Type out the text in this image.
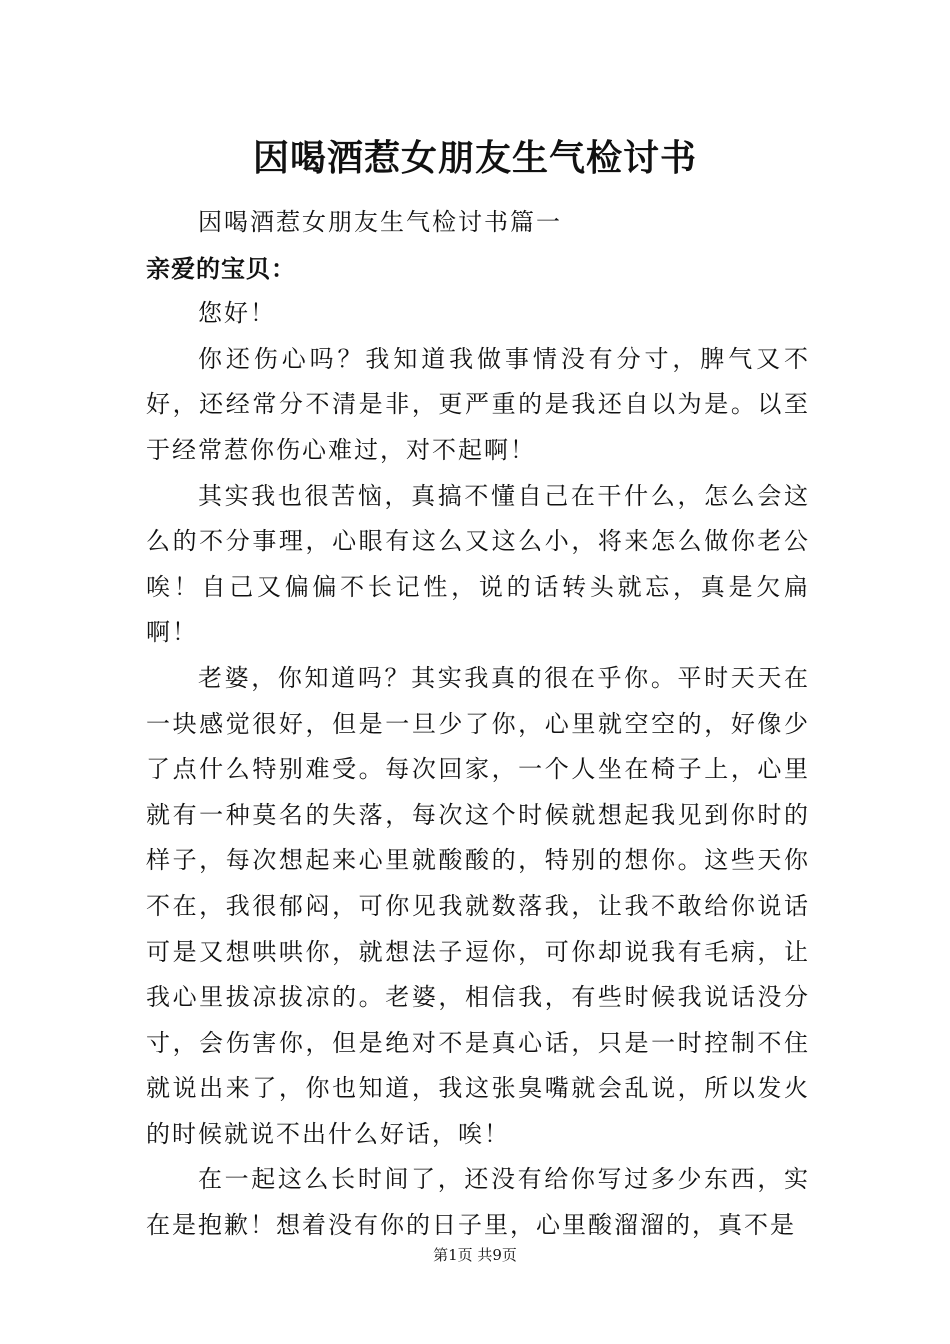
因喝酒惹女朋友生气检讨书

因喝酒惹女朋友生气检讨书篇一

亲爱的宝贝：

您好！

你还伤心吗？我知道我做事情没有分寸，脾气又不好，还经常分不清是非，更严重的是我还自以为是。以至于经常惹你伤心难过，对不起啊！

其实我也很苦恼，真搞不懂自己在干什么，怎么会这么的不分事理，心眼有这么又这么小，将来怎么做你老公唉！自己又偏偏不长记性，说的话转头就忘，真是欠扁啊！

老婆，你知道吗？其实我真的很在乎你。平时天天在一块感觉很好，但是一旦少了你，心里就空空的，好像少了点什么特别难受。每次回家，一个人坐在椅子上，心里就有一种莫名的失落，每次这个时候就想起我见到你时的样子，每次想起来心里就酸酸的，特别的想你。这些天你不在，我很郁闷，可你见我就数落我，让我不敢给你说话可是又想哄哄你，就想法子逗你，可你却说我有毛病，让我心里拔凉拔凉的。老婆，相信我，有些时候我说话没分寸，会伤害你，但是绝对不是真心话，只是一时控制不住就说出来了，你也知道，我这张臭嘴就会乱说，所以发火的时候就说不出什么好话，唉！

在一起这么长时间了，还没有给你写过多少东西，实在是抱歉！想着没有你的日子里，心里酸溜溜的，真不是

第1页 共9页
